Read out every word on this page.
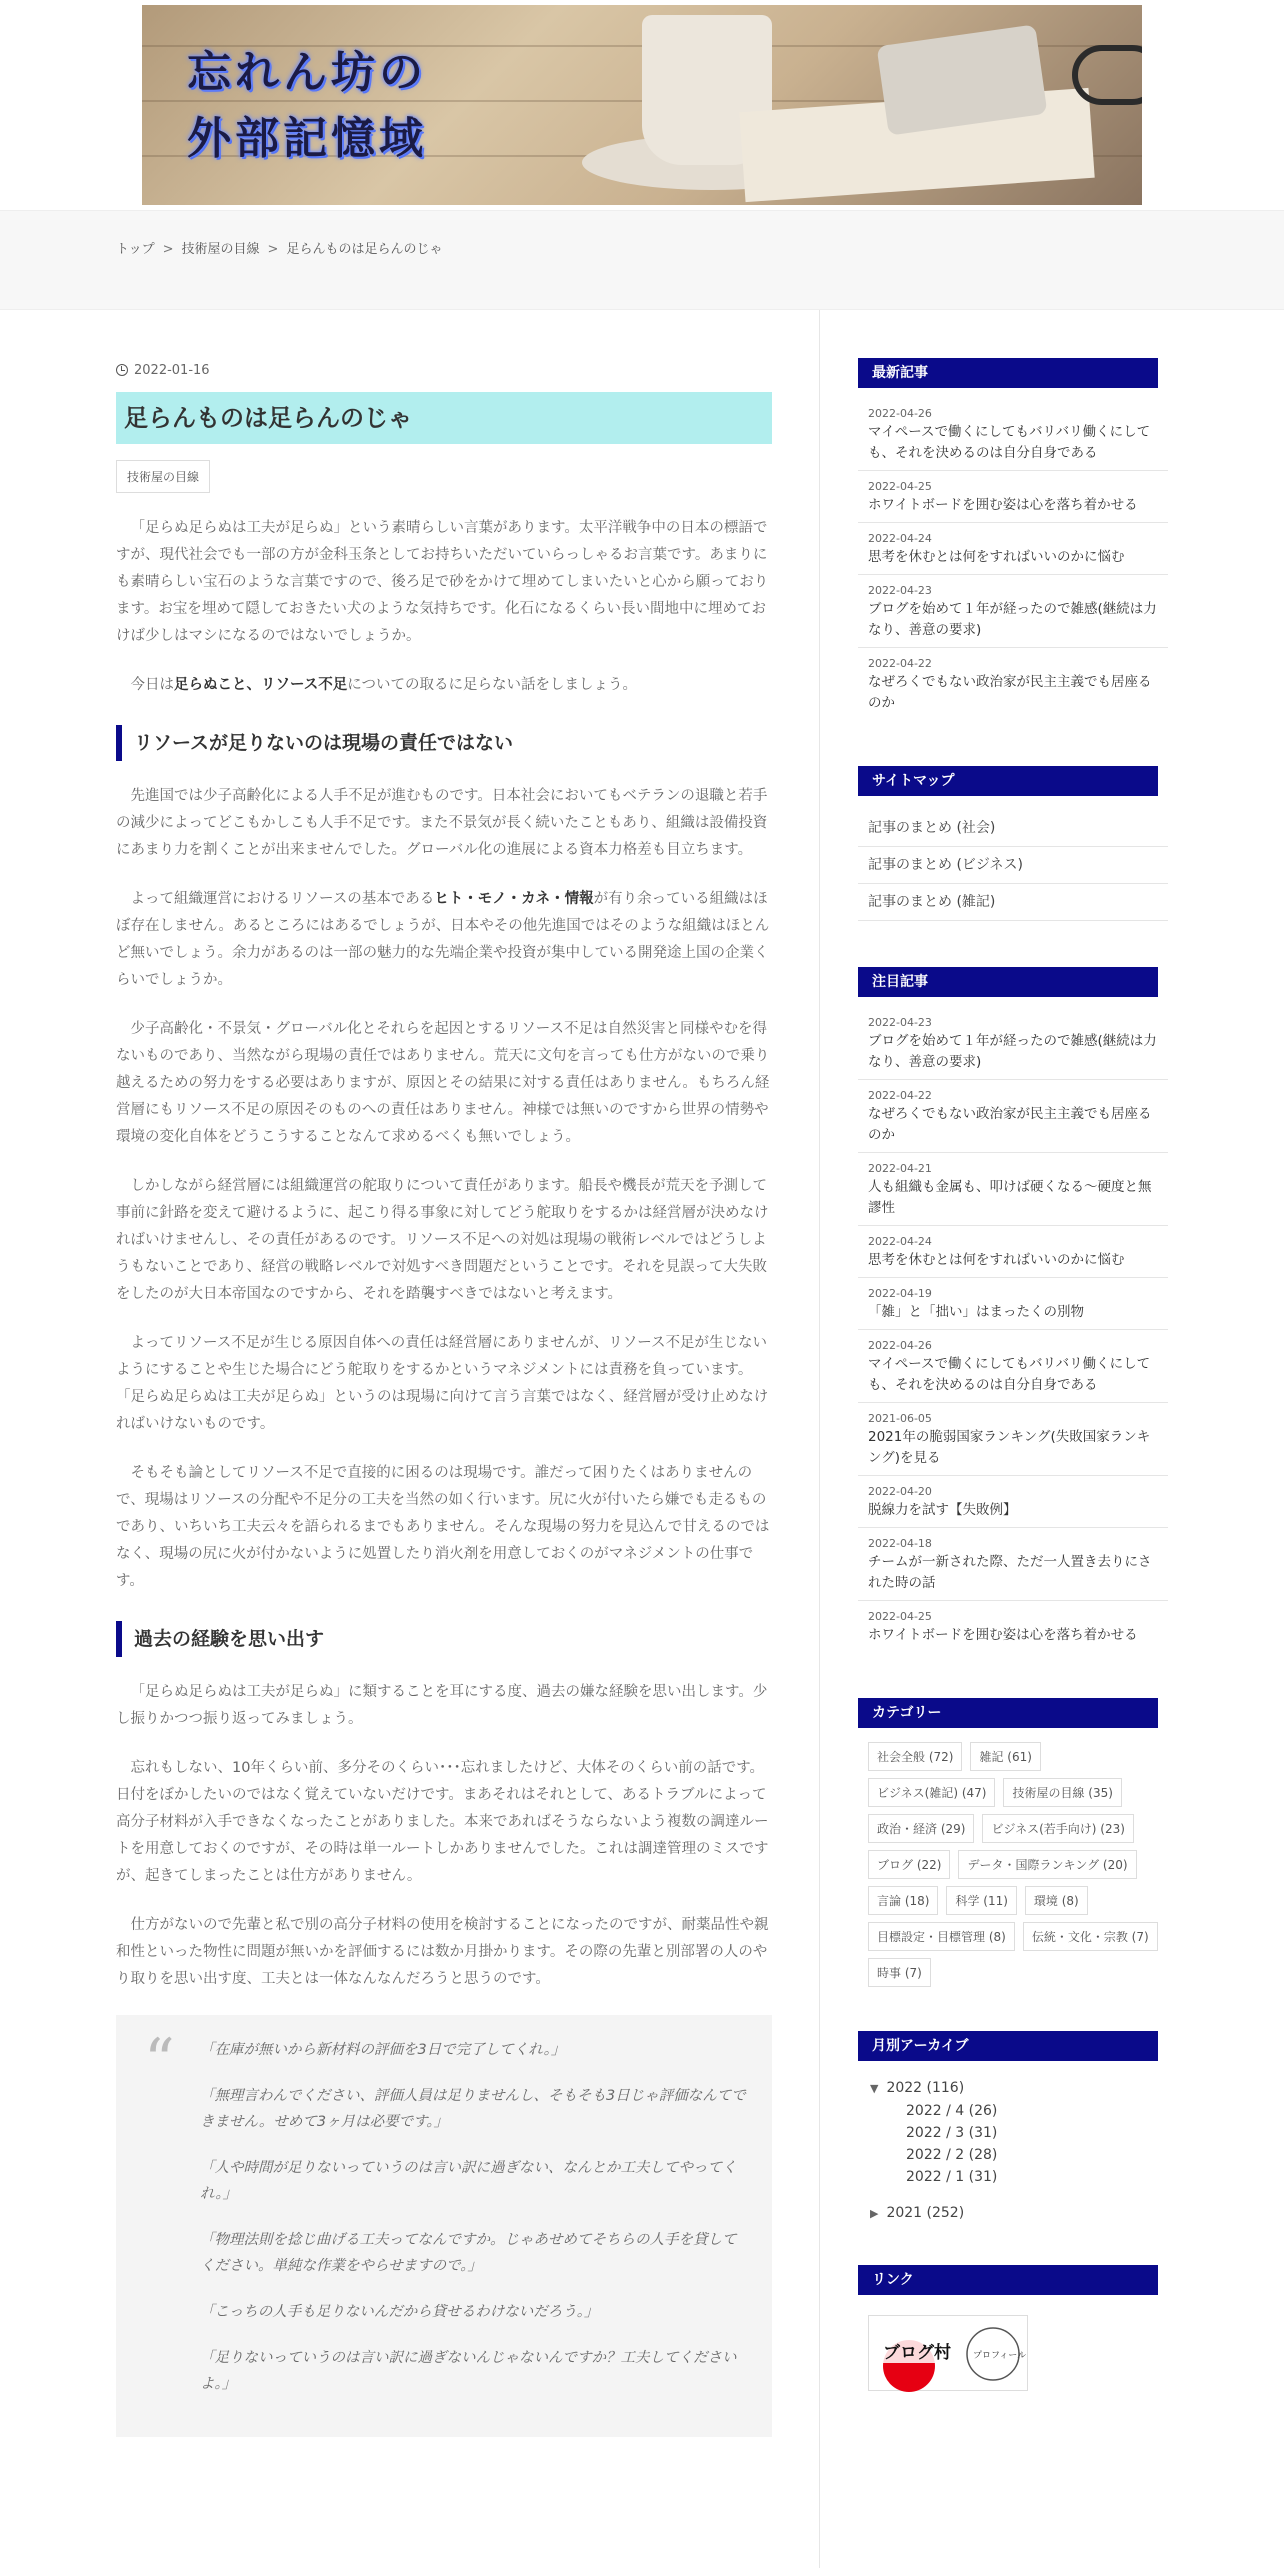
忘れん坊の
外部記憶域
トップ > 技術屋の目線 > 足らんものは足らんのじゃ
2022-01-16
足らんものは足らんのじゃ
技術屋の目線

「足らぬ足らぬは工夫が足らぬ」という素晴らしい言葉があります。太平洋戦争中の日本の標語ですが、現代社会でも一部の方が金科玉条としてお持ちいただいていらっしゃるお言葉です。あまりにも素晴らしい宝石のような言葉ですので、後ろ足で砂をかけて埋めてしまいたいと心から願っております。お宝を埋めて隠しておきたい犬のような気持ちです。化石になるくらい長い間地中に埋めておけば少しはマシになるのではないでしょうか。

今日は足らぬこと、リソース不足についての取るに足らない話をしましょう。

リソースが足りないのは現場の責任ではない

先進国では少子高齢化による人手不足が進むものです。日本社会においてもベテランの退職と若手の減少によってどこもかしこも人手不足です。また不景気が長く続いたこともあり、組織は設備投資にあまり力を割くことが出来ませんでした。グローバル化の進展による資本力格差も目立ちます。

よって組織運営におけるリソースの基本であるヒト・モノ・カネ・情報が有り余っている組織はほぼ存在しません。あるところにはあるでしょうが、日本やその他先進国ではそのような組織はほとんど無いでしょう。余力があるのは一部の魅力的な先端企業や投資が集中している開発途上国の企業くらいでしょうか。

少子高齢化・不景気・グローバル化とそれらを起因とするリソース不足は自然災害と同様やむを得ないものであり、当然ながら現場の責任ではありません。荒天に文句を言っても仕方がないので乗り越えるための努力をする必要はありますが、原因とその結果に対する責任はありません。もちろん経営層にもリソース不足の原因そのものへの責任はありません。神様では無いのですから世界の情勢や環境の変化自体をどうこうすることなんて求めるべくも無いでしょう。

しかしながら経営層には組織運営の舵取りについて責任があります。船長や機長が荒天を予測して事前に針路を変えて避けるように、起こり得る事象に対してどう舵取りをするかは経営層が決めなければいけませんし、その責任があるのです。リソース不足への対処は現場の戦術レベルではどうしようもないことであり、経営の戦略レベルで対処すべき問題だということです。それを見誤って大失敗をしたのが大日本帝国なのですから、それを踏襲すべきではないと考えます。

よってリソース不足が生じる原因自体への責任は経営層にありませんが、リソース不足が生じないようにすることや生じた場合にどう舵取りをするかというマネジメントには責務を負っています。「足らぬ足らぬは工夫が足らぬ」というのは現場に向けて言う言葉ではなく、経営層が受け止めなければいけないものです。

そもそも論としてリソース不足で直接的に困るのは現場です。誰だって困りたくはありませんので、現場はリソースの分配や不足分の工夫を当然の如く行います。尻に火が付いたら嫌でも走るものであり、いちいち工夫云々を語られるまでもありません。そんな現場の努力を見込んで甘えるのではなく、現場の尻に火が付かないように処置したり消火剤を用意しておくのがマネジメントの仕事です。

過去の経験を思い出す

「足らぬ足らぬは工夫が足らぬ」に類することを耳にする度、過去の嫌な経験を思い出します。少し振りかつつ振り返ってみましょう。

忘れもしない、10年くらい前、多分そのくらい･･･忘れましたけど、大体そのくらい前の話です。日付をぼかしたいのではなく覚えていないだけです。まあそれはそれとして、あるトラブルによって高分子材料が入手できなくなったことがありました。本来であればそうならないよう複数の調達ルートを用意しておくのですが、その時は単一ルートしかありませんでした。これは調達管理のミスですが、起きてしまったことは仕方がありません。

仕方がないので先輩と私で別の高分子材料の使用を検討することになったのですが、耐薬品性や親和性といった物性に問題が無いかを評価するには数か月掛かります。その際の先輩と別部署の人のやり取りを思い出す度、工夫とは一体なんなんだろうと思うのです。

“ 「在庫が無いから新材料の評価を3日で完了してくれ。」

「無理言わんでください、評価人員は足りませんし、そもそも3日じゃ評価なんてできません。せめて3ヶ月は必要です。」

「人や時間が足りないっていうのは言い訳に過ぎない、なんとか工夫してやってくれ。」

「物理法則を捻じ曲げる工夫ってなんですか。じゃあせめてそちらの人手を貸してください。単純な作業をやらせますので。」

「こっちの人手も足りないんだから貸せるわけないだろう。」

「足りないっていうのは言い訳に過ぎないんじゃないんですか？工夫してくださいよ。」

最新記事
2022-04-26
マイペースで働くにしてもバリバリ働くにしても、それを決めるのは自分自身である
2022-04-25
ホワイトボードを囲む姿は心を落ち着かせる
2022-04-24
思考を休むとは何をすればいいのかに悩む
2022-04-23
ブログを始めて１年が経ったので雑感(継続は力なり、善意の要求)
2022-04-22
なぜろくでもない政治家が民主主義でも居座るのか
サイトマップ
記事のまとめ (社会)
記事のまとめ (ビジネス)
記事のまとめ (雑記)
注目記事
2022-04-23
ブログを始めて１年が経ったので雑感(継続は力なり、善意の要求)
2022-04-22
なぜろくでもない政治家が民主主義でも居座るのか
2022-04-21
人も組織も金属も、叩けば硬くなる～硬度と無謬性
2022-04-24
思考を休むとは何をすればいいのかに悩む
2022-04-19
「雑」と「拙い」はまったくの別物
2022-04-26
マイペースで働くにしてもバリバリ働くにしても、それを決めるのは自分自身である
2021-06-05
2021年の脆弱国家ランキング(失敗国家ランキング)を見る
2022-04-20
脱線力を試す【失敗例】
2022-04-18
チームが一新された際、ただ一人置き去りにされた時の話
2022-04-25
ホワイトボードを囲む姿は心を落ち着かせる
カテゴリー
社会全般 (72)	雑記 (61)
ビジネス(雑記) (47)	技術屋の目線 (35)
政治・経済 (29)	ビジネス(若手向け) (23)
ブログ (22)	データ・国際ランキング (20)
言論 (18)	科学 (11)	環境 (8)
目標設定・目標管理 (8)	伝統・文化・宗教 (7)
時事 (7)
月別アーカイブ
▼ 2022 (116)
2022 / 4 (26)
2022 / 3 (31)
2022 / 2 (28)
2022 / 1 (31)
▶ 2021 (252)
リンク
ブログ村 プロフィール
